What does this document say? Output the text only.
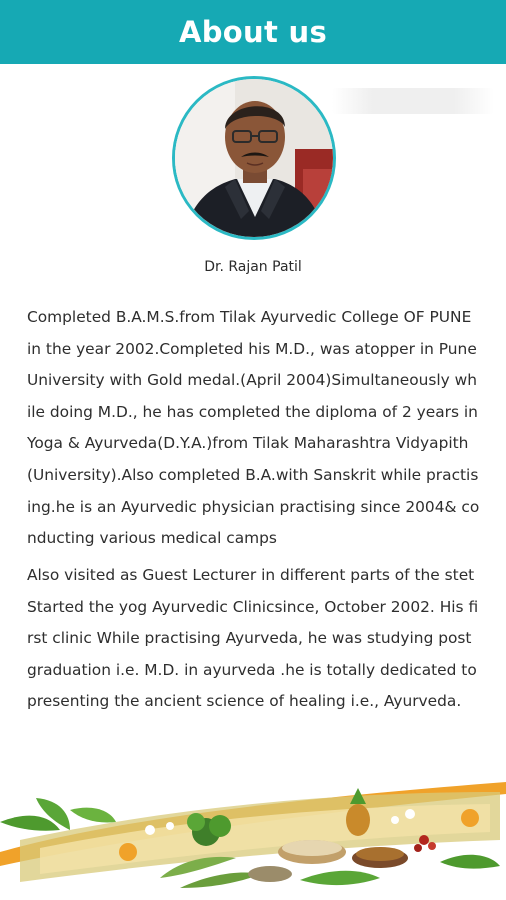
About us
Dr. Rajan Patil
Completed B.A.M.S.from Tilak Ayurvedic College OF PUNE
in the year 2002.Completed his M.D., was atopper in Pune
University with Gold medal.(April 2004)Simultaneously wh
ile doing M.D., he has completed the diploma of 2 years in
Yoga & Ayurveda(D.Y.A.)from Tilak Maharashtra Vidyapith
(University).Also completed B.A.with Sanskrit while practis
ing.he is an Ayurvedic physician practising since 2004& co
nducting various medical camps
Also visited as Guest Lecturer in different parts of the stet
Started the yog Ayurvedic Clinicsince, October 2002. His fi
rst clinic While practising Ayurveda, he was studying post
graduation i.e. M.D. in ayurveda .he is totally dedicated to
presenting the ancient science of healing i.e., Ayurveda.
